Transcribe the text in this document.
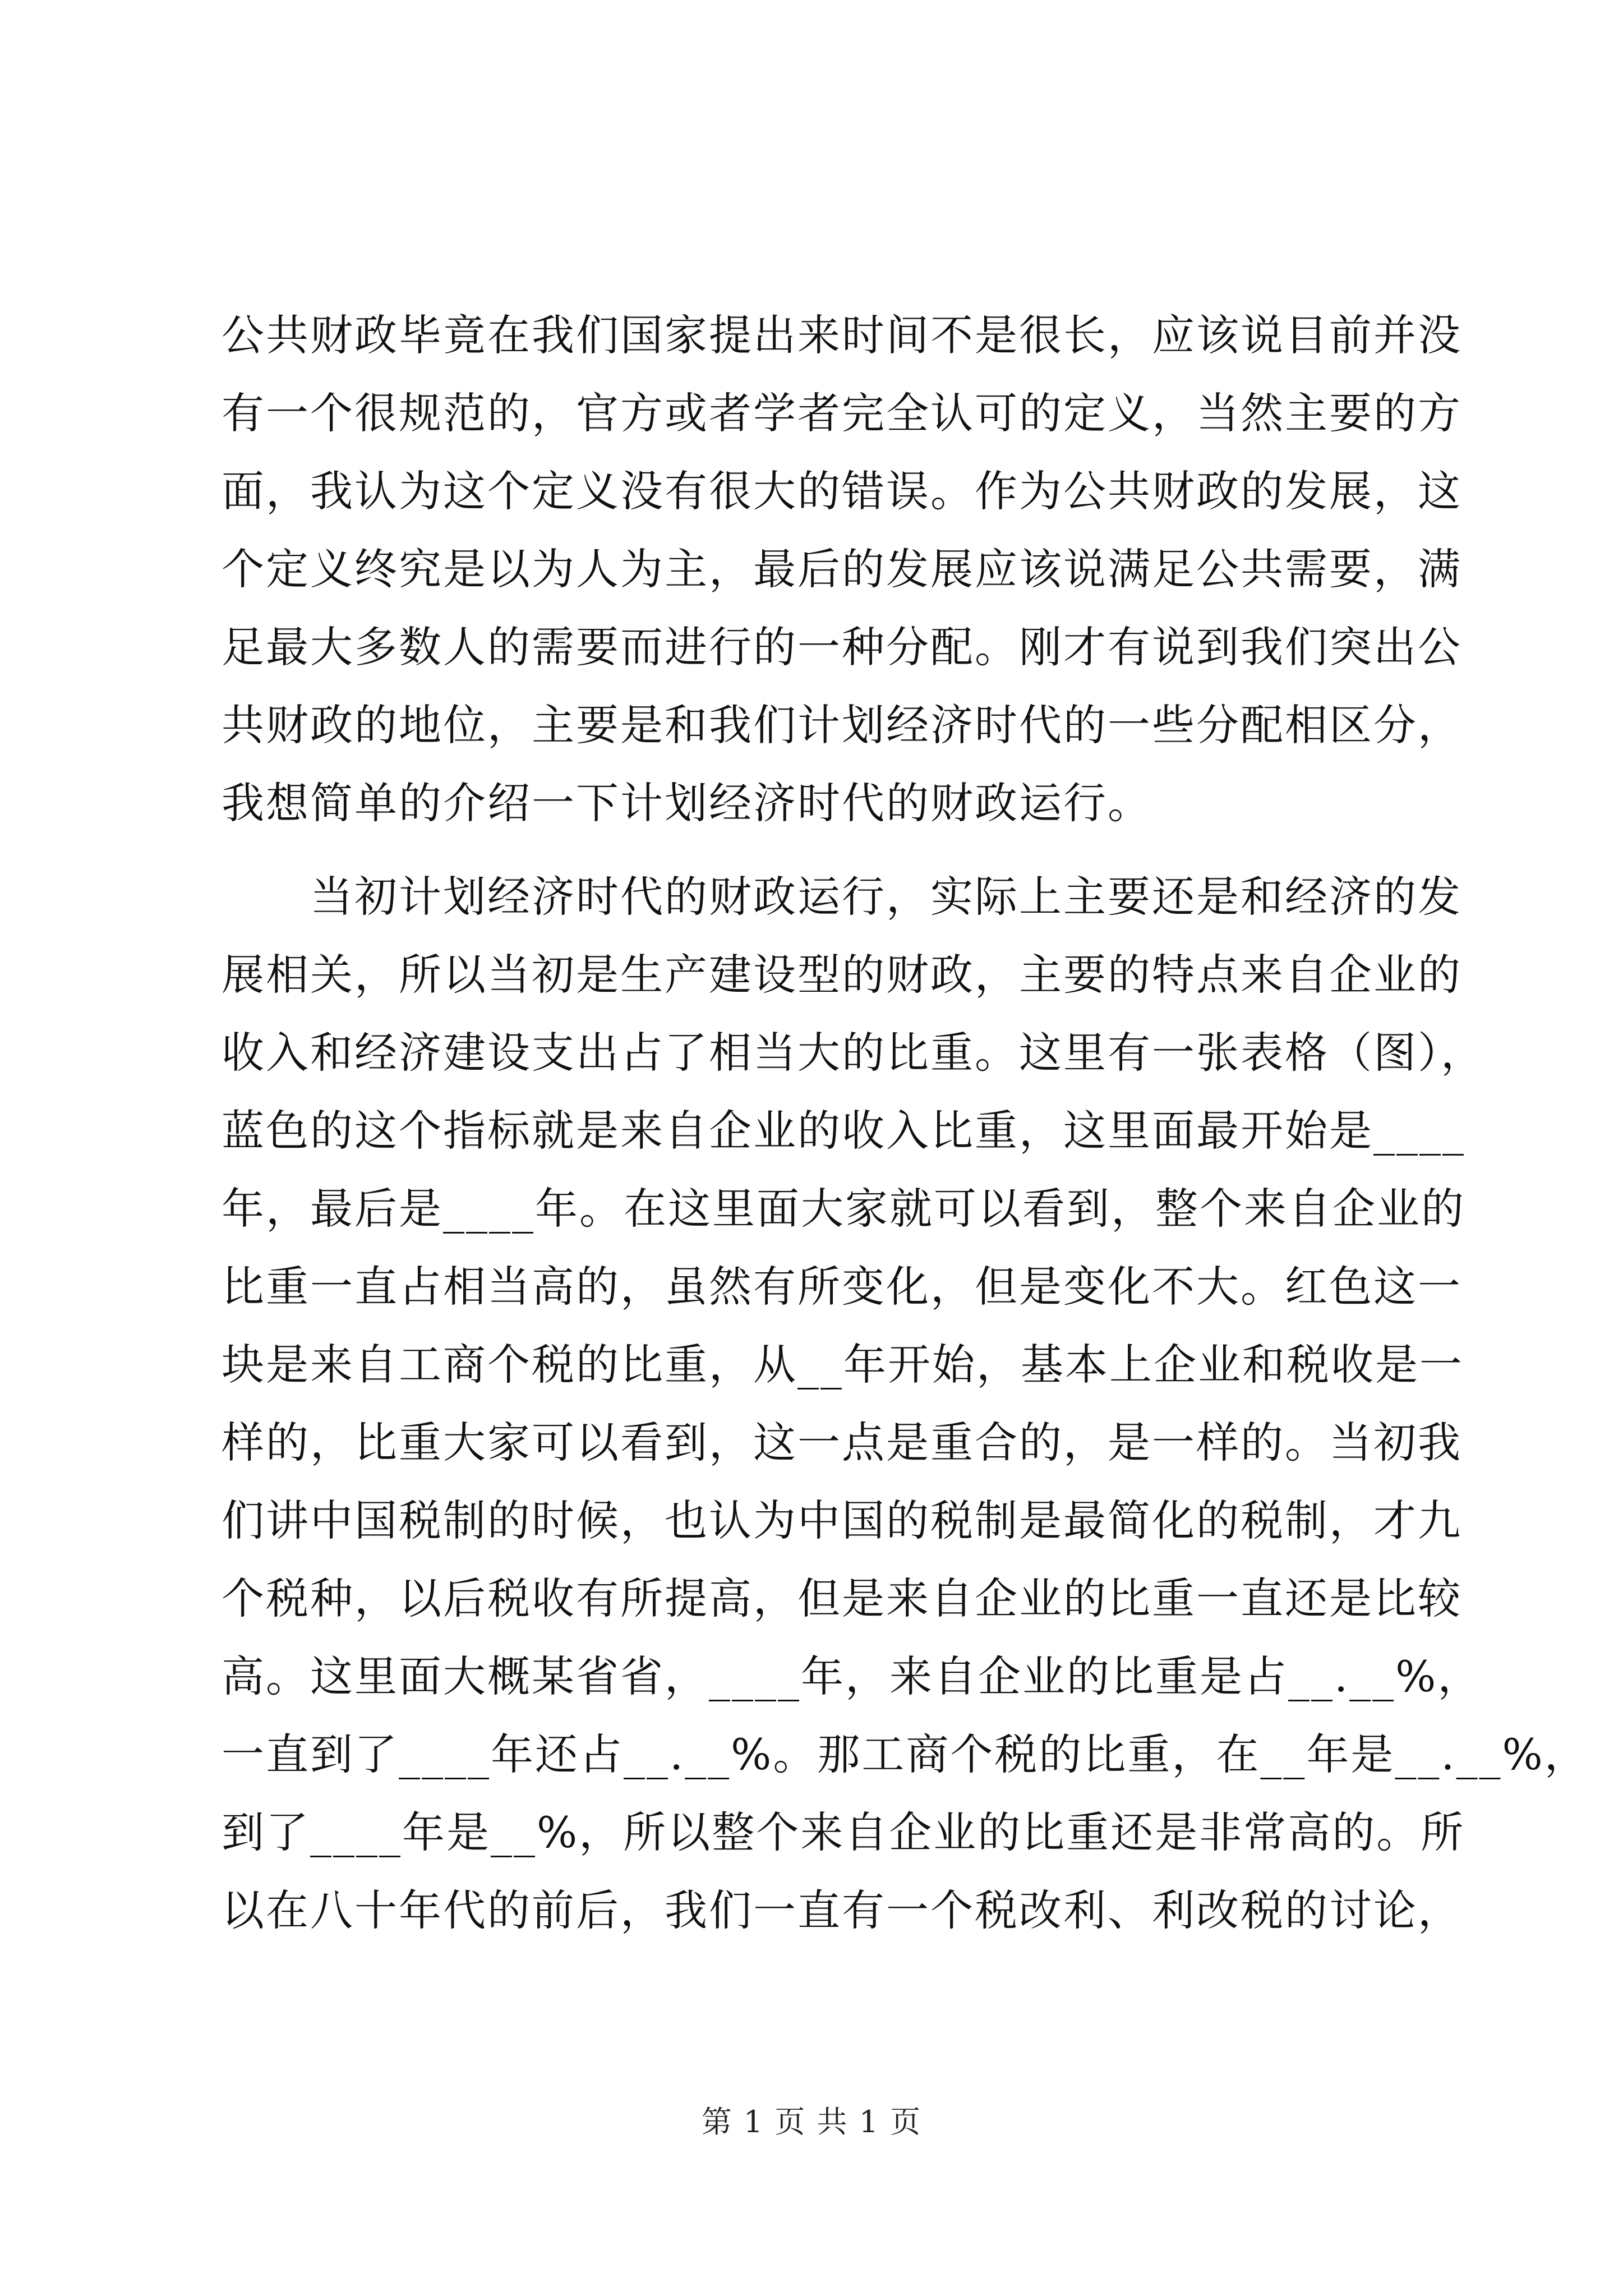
公共财政毕竟在我们国家提出来时间不是很长，应该说目前并没
有一个很规范的，官方或者学者完全认可的定义，当然主要的方
面，我认为这个定义没有很大的错误。作为公共财政的发展，这
个定义终究是以为人为主，最后的发展应该说满足公共需要，满
足最大多数人的需要而进行的一种分配。刚才有说到我们突出公
共财政的地位，主要是和我们计划经济时代的一些分配相区分，
我想简单的介绍一下计划经济时代的财政运行。
　　当初计划经济时代的财政运行，实际上主要还是和经济的发
展相关，所以当初是生产建设型的财政，主要的特点来自企业的
收入和经济建设支出占了相当大的比重。这里有一张表格（图），
蓝色的这个指标就是来自企业的收入比重，这里面最开始是____
年，最后是____年。在这里面大家就可以看到，整个来自企业的
比重一直占相当高的，虽然有所变化，但是变化不大。红色这一
块是来自工商个税的比重，从__年开始，基本上企业和税收是一
样的，比重大家可以看到，这一点是重合的，是一样的。当初我
们讲中国税制的时候，也认为中国的税制是最简化的税制，才九
个税种，以后税收有所提高，但是来自企业的比重一直还是比较
高。这里面大概某省省，____年，来自企业的比重是占__.__%，
一直到了____年还占__.__%。那工商个税的比重，在__年是__.__%，
到了____年是__%，所以整个来自企业的比重还是非常高的。所
以在八十年代的前后，我们一直有一个税改利、利改税的讨论，
第 1 页 共 1 页
